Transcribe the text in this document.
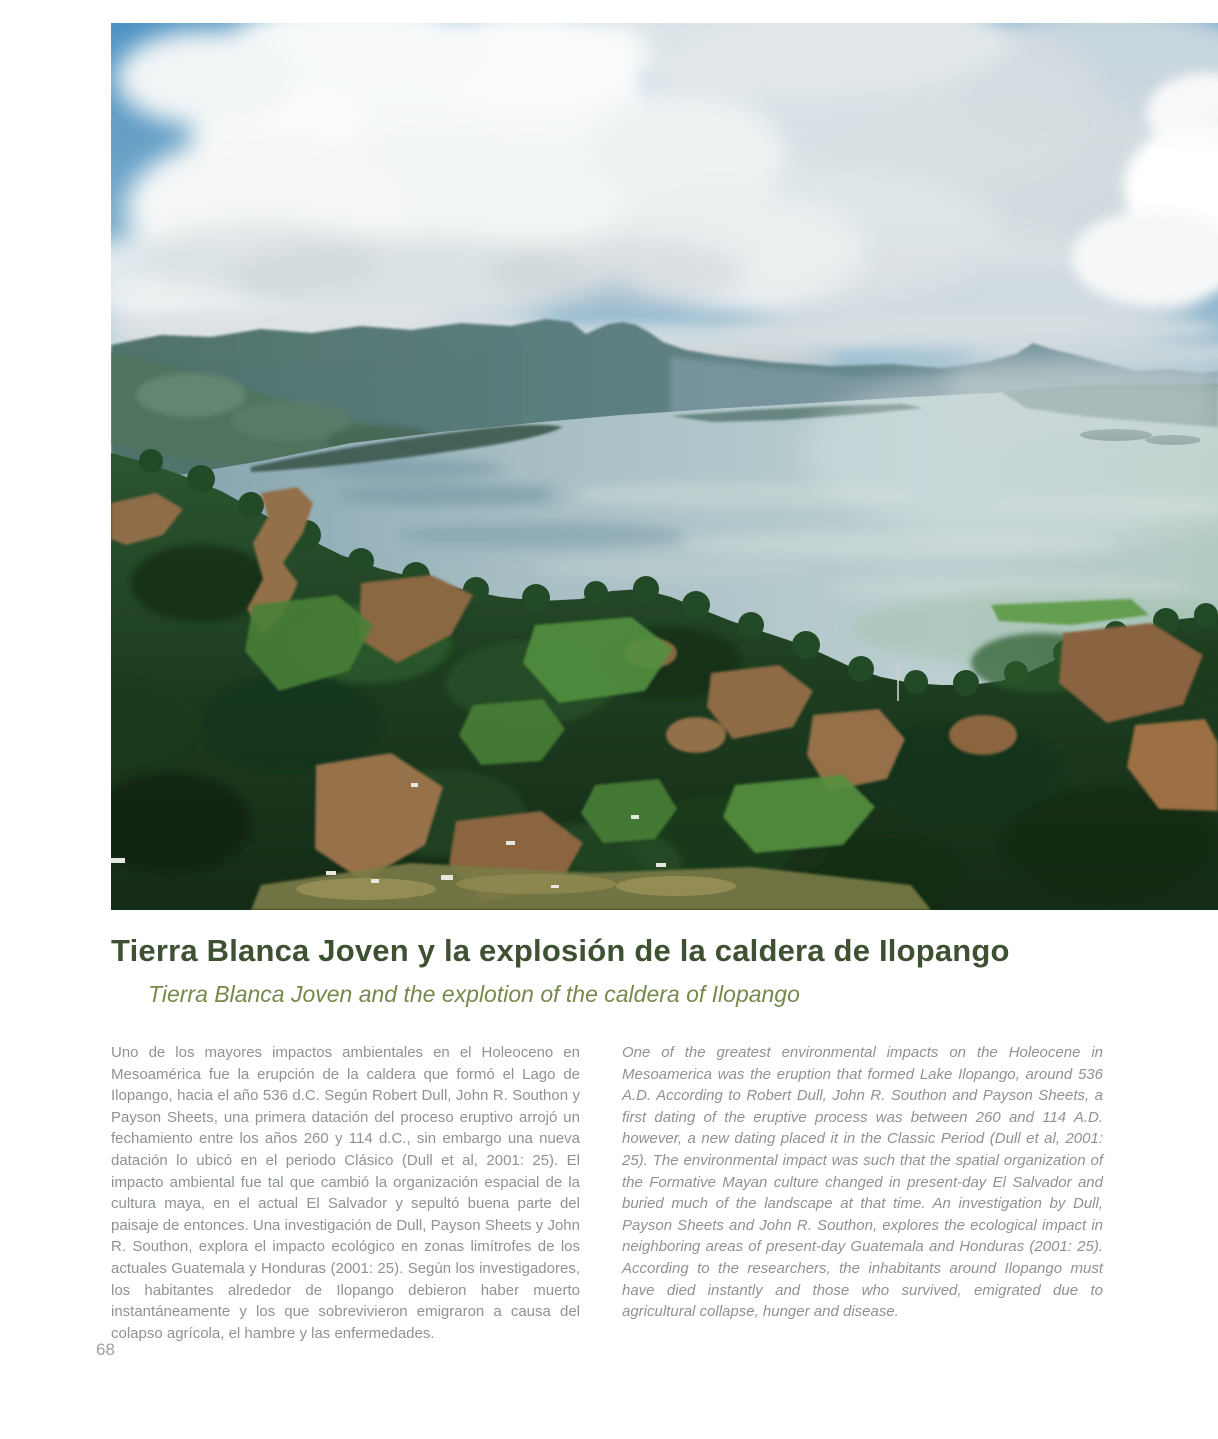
Tierra Blanca Joven y la explosión de la caldera de Ilopango
Tierra Blanca Joven and the explotion of the caldera of Ilopango

Uno de los mayores impactos ambientales en el Holeoceno en Mesoamérica fue la erupción de la caldera que formó el Lago de Ilopango, hacia el año 536 d.C. Según Robert Dull, John R. Southon y Payson Sheets, una primera datación del proceso eruptivo arrojó un fechamiento entre los años 260 y 114 d.C., sin embargo una nueva datación lo ubicó en el periodo Clásico (Dull et al, 2001: 25). El impacto ambiental fue tal que cambió la organización espacial de la cultura maya, en el actual El Salvador y sepultó buena parte del paisaje de entonces. Una investigación de Dull, Payson Sheets y John R. Southon, explora el impacto ecológico en zonas limítrofes de los actuales Guatemala y Honduras (2001: 25). Según los investigadores, los habitantes alrededor de Ilopango debieron haber muerto instantáneamente y los que sobrevivieron emigraron a causa del colapso agrícola, el hambre y las enfermedades.

One of the greatest environmental impacts on the Holeocene in Mesoamerica was the eruption that formed Lake Ilopango, around 536 A.D. According to Robert Dull, John R. Southon and Payson Sheets, a first dating of the eruptive process was between 260 and 114 A.D. however, a new dating placed it in the Classic Period (Dull et al, 2001: 25). The environmental impact was such that the spatial organization of the Formative Mayan culture changed in present-day El Salvador and buried much of the landscape at that time. An investigation by Dull, Payson Sheets and John R. Southon, explores the ecological impact in neighboring areas of present-day Guatemala and Honduras (2001: 25). According to the researchers, the inhabitants around Ilopango must have died instantly and those who survived, emigrated due to agricultural collapse, hunger and disease.

68
